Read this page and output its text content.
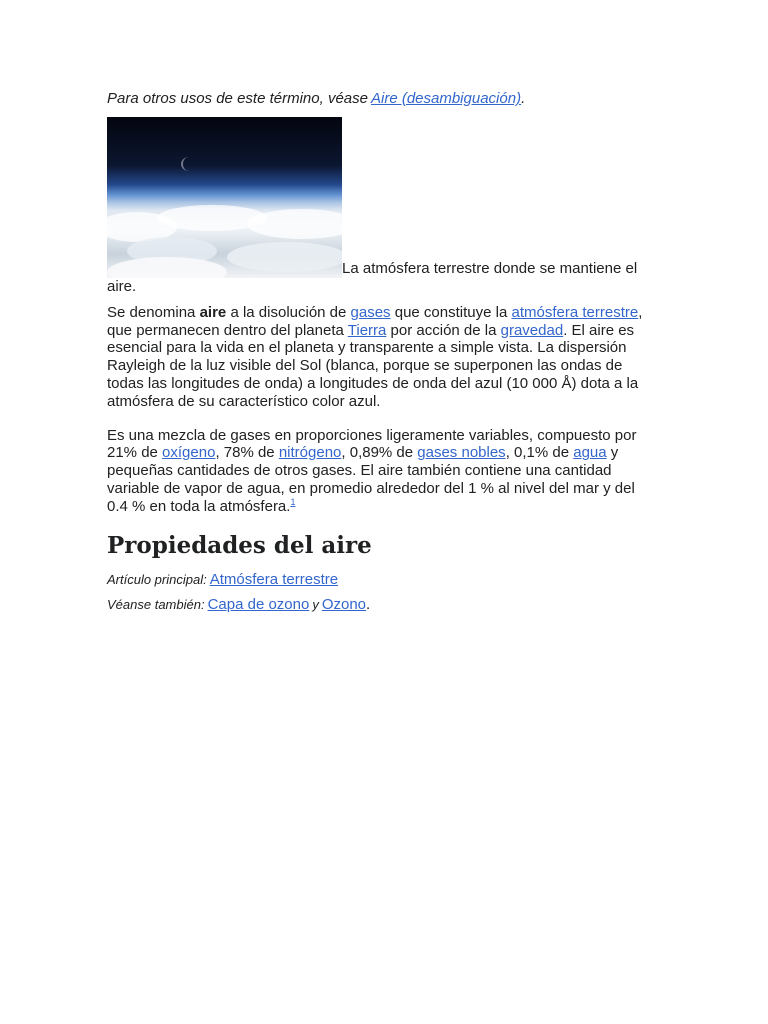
Para otros usos de este término, véase Aire (desambiguación).
La atmósfera terrestre donde se mantiene el aire.

Se denomina aire a la disolución de gases que constituye la atmósfera terrestre, que permanecen dentro del planeta Tierra por acción de la gravedad. El aire es esencial para la vida en el planeta y transparente a simple vista. La dispersión Rayleigh de la luz visible del Sol (blanca, porque se superponen las ondas de todas las longitudes de onda) a longitudes de onda del azul (10 000 Å) dota a la atmósfera de su característico color azul.

Es una mezcla de gases en proporciones ligeramente variables, compuesto por 21% de oxígeno, 78% de nitrógeno, 0,89% de gases nobles, 0,1% de agua y pequeñas cantidades de otros gases. El aire también contiene una cantidad variable de vapor de agua, en promedio alrededor del 1 % al nivel del mar y del 0.4 % en toda la atmósfera.$^1$

Propiedades del aire
Artículo principal: Atmósfera terrestre
Véanse también: Capa de ozono y Ozono.
